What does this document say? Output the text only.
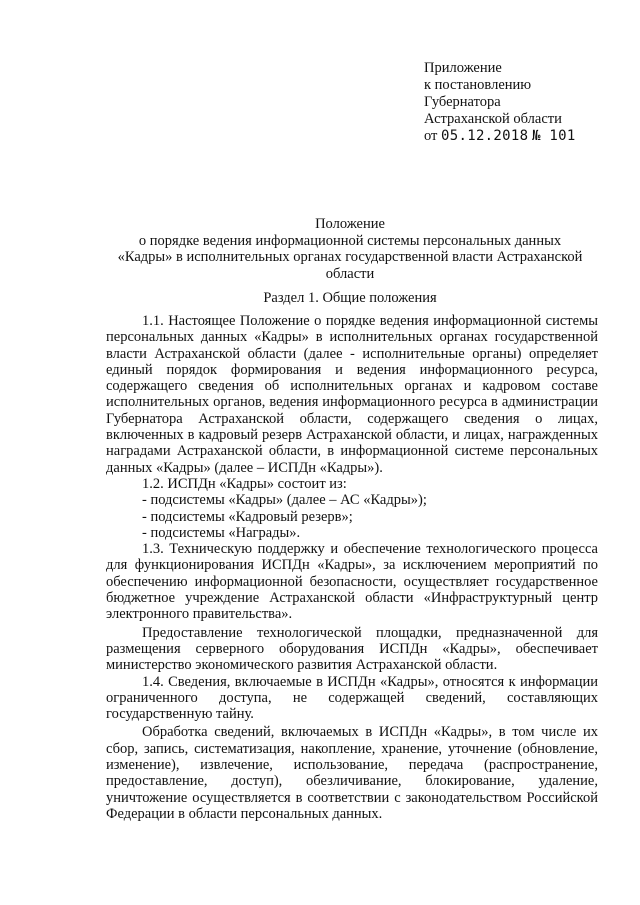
Приложение
к постановлению
Губернатора
Астраханской области
от 05.12.2018 № 101
Положение
о порядке ведения информационной системы персональных данных
«Кадры» в исполнительных органах государственной власти Астраханской
области
Раздел 1. Общие положения

1.1. Настоящее Положение о порядке ведения информационной системы персональных данных «Кадры» в исполнительных органах государственной власти Астраханской области (далее - исполнительные органы) определяет единый порядок формирования и ведения информационного ресурса, содержащего сведения об исполнительных органах и кадровом составе исполнительных органов, ведения информационного ресурса в администрации Губернатора Астраханской области, содержащего сведения о лицах, включенных в кадровый резерв Астраханской области, и лицах, награжденных наградами Астраханской области, в информационной системе персональных данных «Кадры» (далее – ИСПДн «Кадры»).

1.2. ИСПДн «Кадры» состоит из:

- подсистемы «Кадры» (далее – АС «Кадры»);

- подсистемы «Кадровый резерв»;

- подсистемы «Награды».

1.3. Техническую поддержку и обеспечение технологического процесса для функционирования ИСПДн «Кадры», за исключением мероприятий по обеспечению информационной безопасности, осуществляет государственное бюджетное учреждение Астраханской области «Инфраструктурный центр электронного правительства».

Предоставление технологической площадки, предназначенной для размещения серверного оборудования ИСПДн «Кадры», обеспечивает министерство экономического развития Астраханской области.

1.4. Сведения, включаемые в ИСПДн «Кадры», относятся к информации ограниченного доступа, не содержащей сведений, составляющих государственную тайну.

Обработка сведений, включаемых в ИСПДн «Кадры», в том числе их сбор, запись, систематизация, накопление, хранение, уточнение (обновление, изменение), извлечение, использование, передача (распространение, предоставление, доступ), обезличивание, блокирование, удаление, уничтожение осуществляется в соответствии с законодательством Российской Федерации в области персональных данных.
